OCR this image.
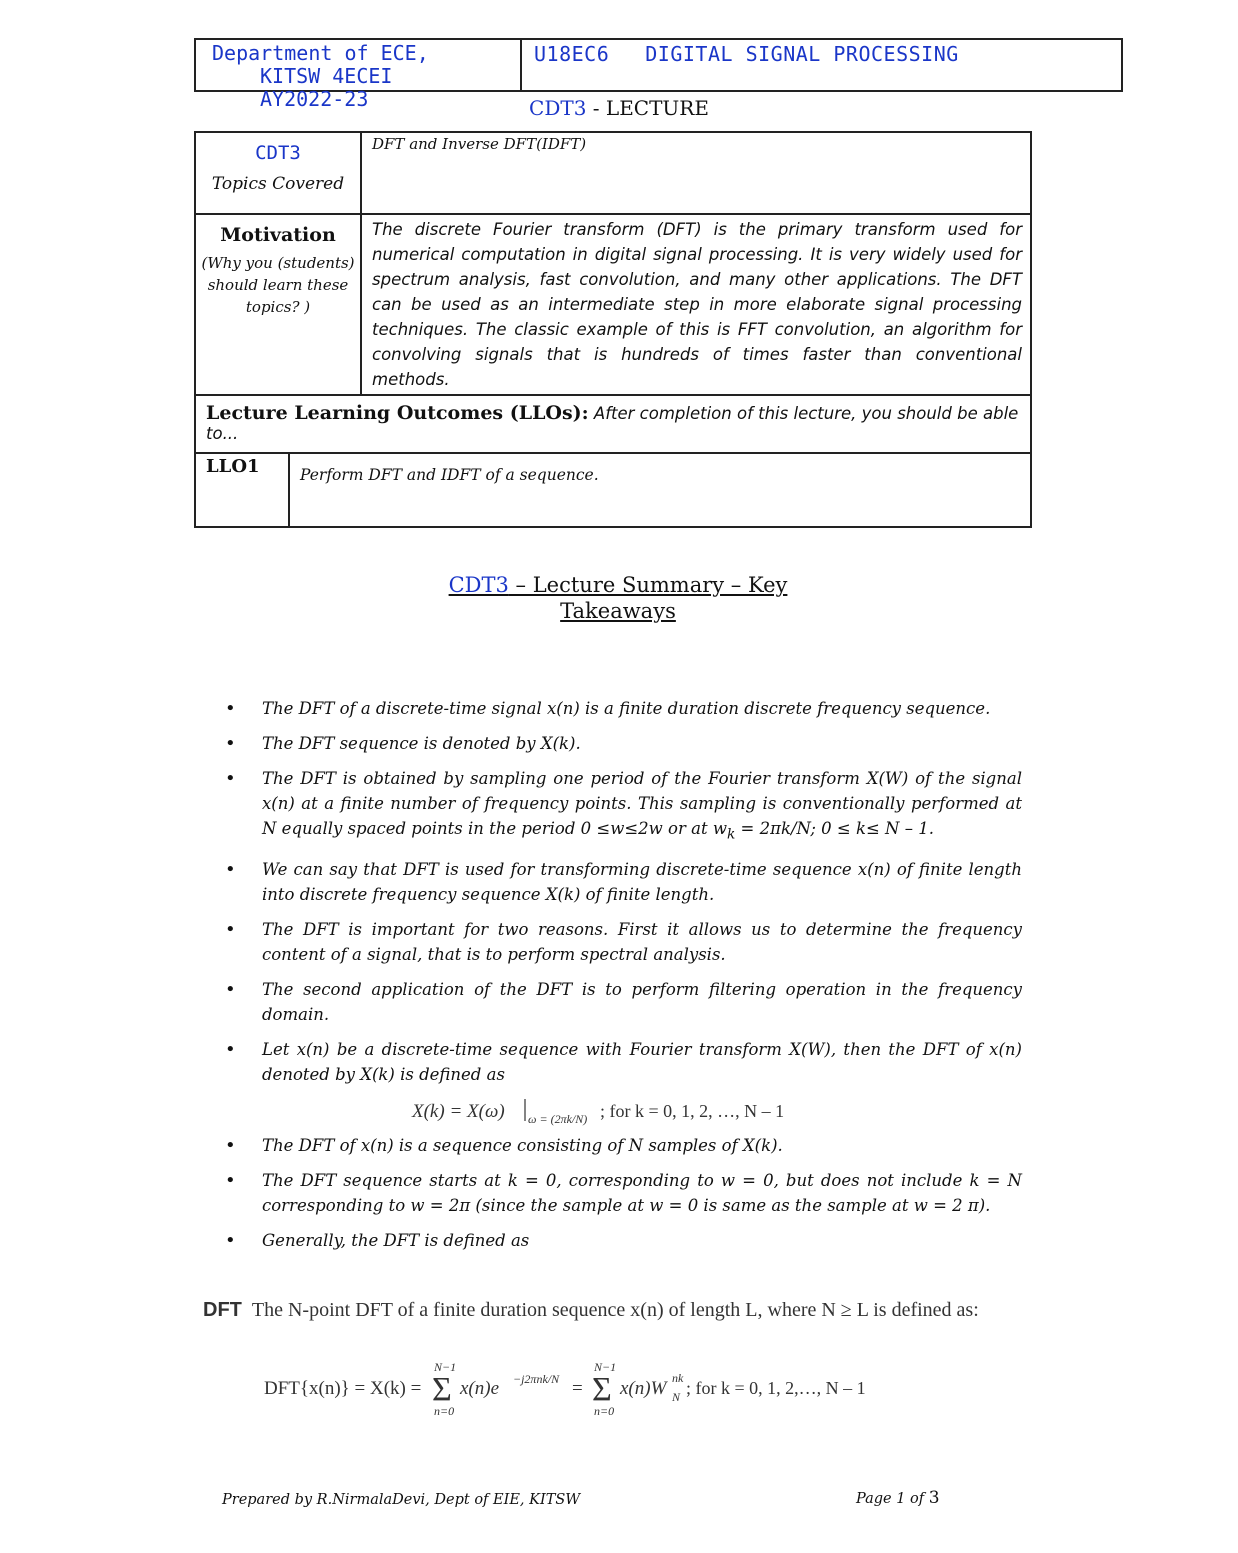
Department of ECE,
KITSW 4ECEI
AY2022-23
U18EC6 DIGITAL SIGNAL PROCESSING
CDT3 - LECTURE
CDT3
Topics Covered
	DFT and Inverse DFT(IDFT)

Motivation
(Why you (students) should learn these topics? )
	The discrete Fourier transform (DFT) is the primary transform used for numerical computation in digital signal processing. It is very widely used for spectrum analysis, fast convolution, and many other applications. The DFT can be used as an intermediate step in more elaborate signal processing techniques. The classic example of this is FFT convolution, an algorithm for convolving signals that is hundreds of times faster than conventional methods.
Lecture Learning Outcomes (LLOs): After completion of this lecture, you should be able to...

LLO1	Perform DFT and IDFT of a sequence.
CDT3 – Lecture Summary – Key
Takeaways
• The DFT of a discrete-time signal x(n) is a finite duration discrete frequency sequence.
• The DFT sequence is denoted by X(k).
• The DFT is obtained by sampling one period of the Fourier transform X(W) of the signal x(n) at a finite number of frequency points. This sampling is conventionally performed at N equally spaced points in the period 0 ≤w≤2w or at $w_k = 2\pi k/N$; 0 ≤ k≤ N – 1.
• We can say that DFT is used for transforming discrete-time sequence x(n) of finite length into discrete frequency sequence X(k) of finite length.
• The DFT is important for two reasons. First it allows us to determine the frequency content of a signal, that is to perform spectral analysis.
• The second application of the DFT is to perform filtering operation in the frequency domain.
• Let x(n) be a discrete-time sequence with Fourier transform X(W), then the DFT of x(n) denoted by X(k) is defined as
X(k) = X(ω) ω = (2πk/N) ; for k = 0, 1, 2, …, N – 1
• The DFT of x(n) is a sequence consisting of N samples of X(k).
• The DFT sequence starts at k = 0, corresponding to w = 0, but does not include k = N corresponding to w = 2π (since the sample at w = 0 is same as the sample at w = 2 π).
• Generally, the DFT is defined as
DFT The N-point DFT of a finite duration sequence x(n) of length L, where N ≥ L is defined as:
DFT{x(n)} = X(k) =
N−1
Σ
n=0
x(n)e −j2πnk/N =
N−1
Σ
n=0
x(n)W nk
N ; for k = 0, 1, 2,…, N – 1
Prepared by R.NirmalaDevi, Dept of EIE, KITSW	Page 1 of 3
